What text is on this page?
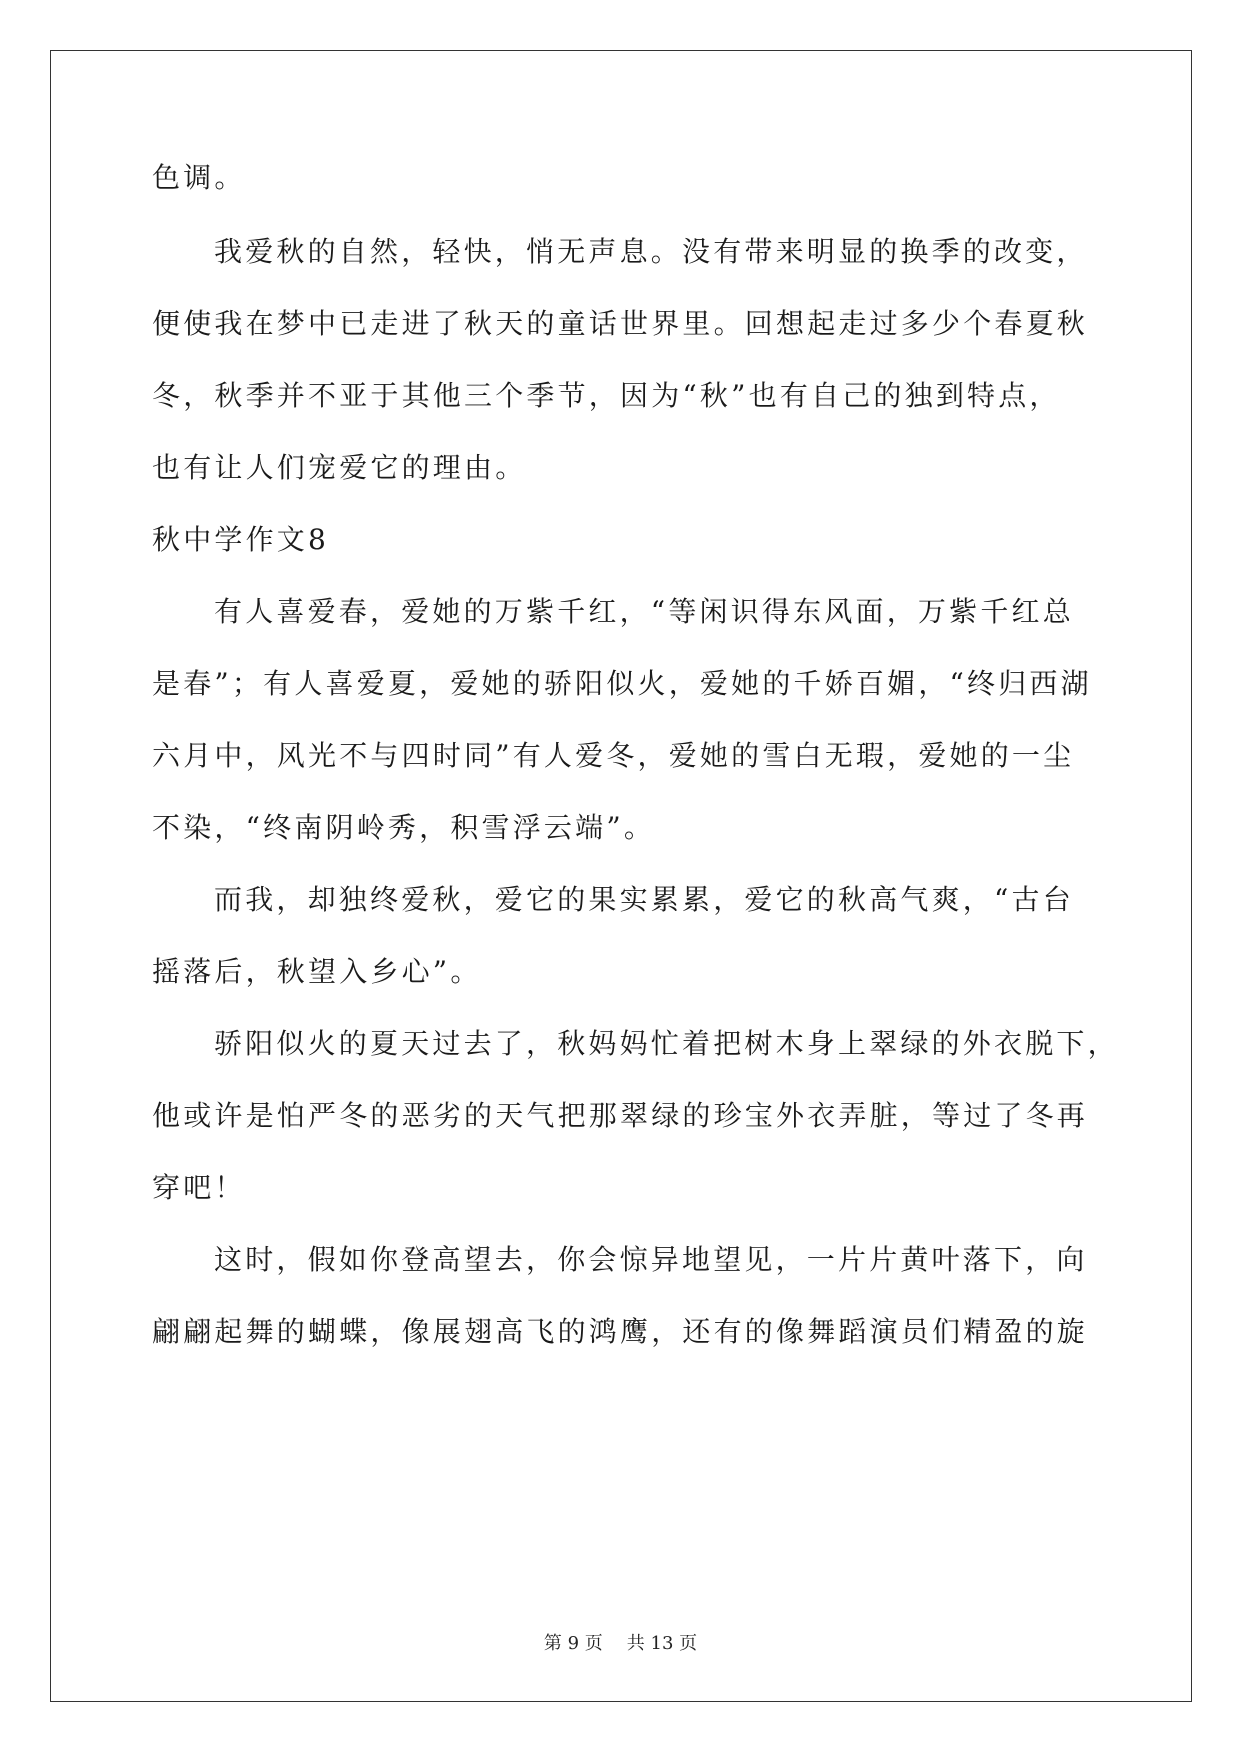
色调。

我爱秋的自然，轻快，悄无声息。没有带来明显的换季的改变，

便使我在梦中已走进了秋天的童话世界里。回想起走过多少个春夏秋

冬，秋季并不亚于其他三个季节，因为“秋”也有自己的独到特点，

也有让人们宠爱它的理由。

秋中学作文8

有人喜爱春，爱她的万紫千红，“等闲识得东风面，万紫千红总

是春”；有人喜爱夏，爱她的骄阳似火，爱她的千娇百媚，“终归西湖

六月中，风光不与四时同”有人爱冬，爱她的雪白无瑕，爱她的一尘

不染，“终南阴岭秀，积雪浮云端”。

而我，却独终爱秋，爱它的果实累累，爱它的秋高气爽，“古台

摇落后，秋望入乡心”。

骄阳似火的夏天过去了，秋妈妈忙着把树木身上翠绿的外衣脱下，

他或许是怕严冬的恶劣的天气把那翠绿的珍宝外衣弄脏，等过了冬再

穿吧！

这时，假如你登高望去，你会惊异地望见，一片片黄叶落下，向

翩翩起舞的蝴蝶，像展翅高飞的鸿鹰，还有的像舞蹈演员们精盈的旋

第 9 页 共 13 页
